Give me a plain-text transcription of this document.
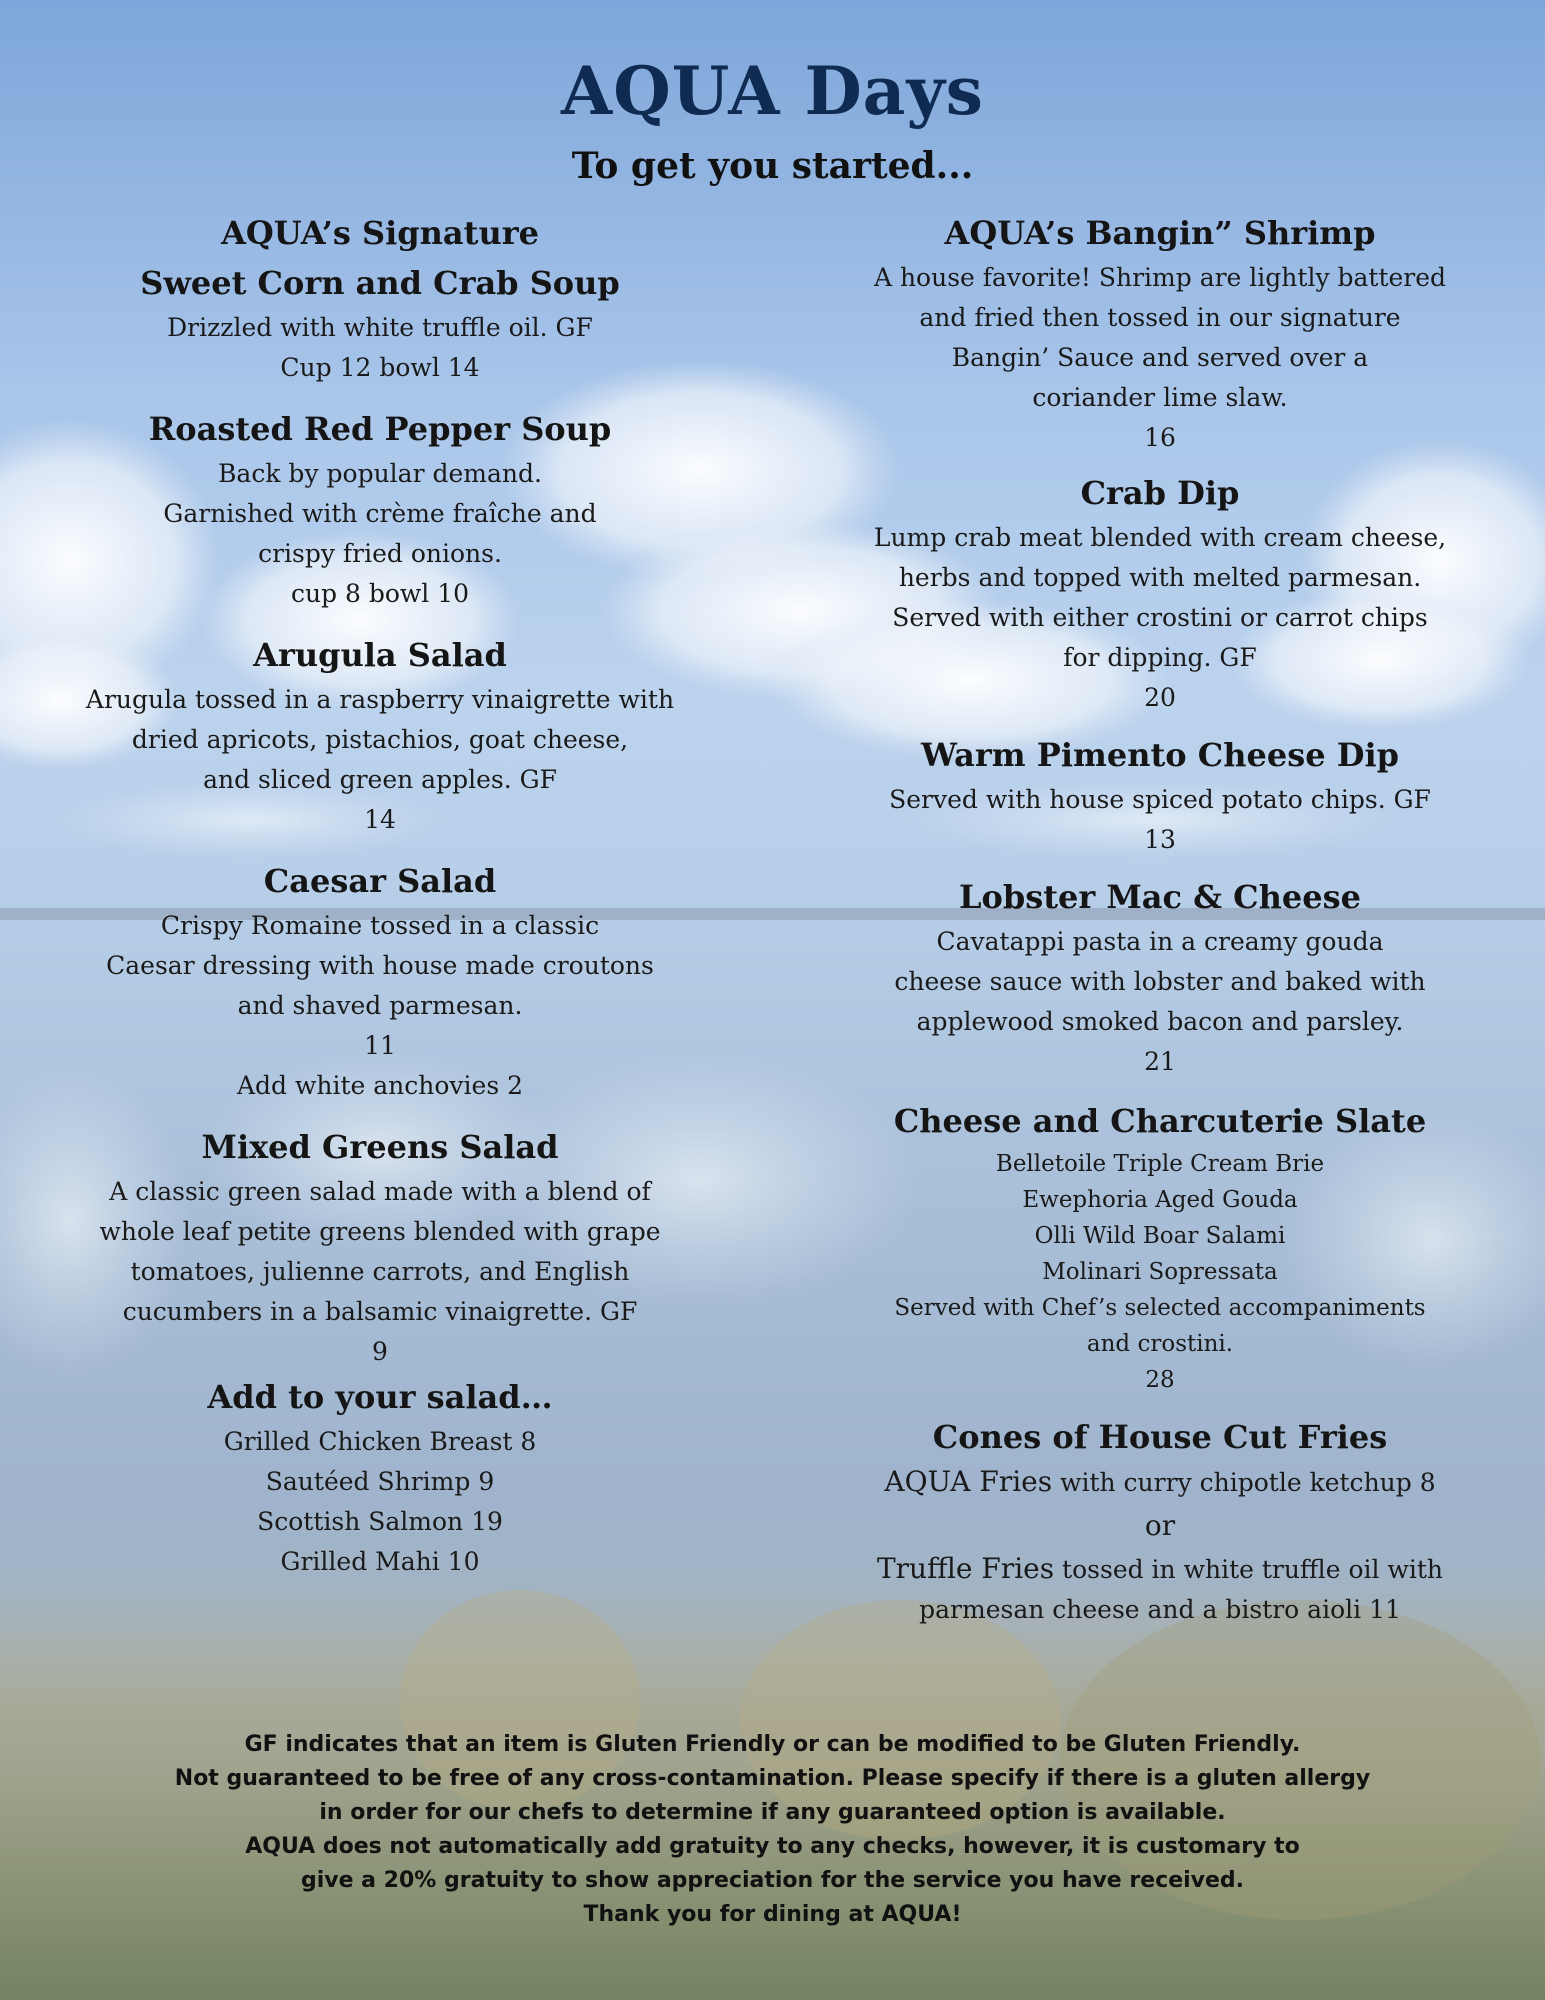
AQUA Days
To get you started...

AQUA’s Signature

Sweet Corn and Crab Soup

Drizzled with white truffle oil. GF

Cup 12 bowl 14

Roasted Red Pepper Soup

Back by popular demand.

Garnished with crème fraîche and

crispy fried onions.

cup 8 bowl 10

Arugula Salad

Arugula tossed in a raspberry vinaigrette with

dried apricots, pistachios, goat cheese,

and sliced green apples. GF

14

Caesar Salad

Crispy Romaine tossed in a classic

Caesar dressing with house made croutons

and shaved parmesan.

11

Add white anchovies 2

Mixed Greens Salad

A classic green salad made with a blend of

whole leaf petite greens blended with grape

tomatoes, julienne carrots, and English

cucumbers in a balsamic vinaigrette. GF

9

Add to your salad…

Grilled Chicken Breast 8

Sautéed Shrimp 9

Scottish Salmon 19

Grilled Mahi 10

AQUA’s Bangin” Shrimp

A house favorite! Shrimp are lightly battered

and fried then tossed in our signature

Bangin’ Sauce and served over a

coriander lime slaw.

16

Crab Dip

Lump crab meat blended with cream cheese,

herbs and topped with melted parmesan.

Served with either crostini or carrot chips

for dipping. GF

20

Warm Pimento Cheese Dip

Served with house spiced potato chips. GF

13

Lobster Mac & Cheese

Cavatappi pasta in a creamy gouda

cheese sauce with lobster and baked with

applewood smoked bacon and parsley.

21

Cheese and Charcuterie Slate

Belletoile Triple Cream Brie

Ewephoria Aged Gouda

Olli Wild Boar Salami

Molinari Sopressata

Served with Chef’s selected accompaniments

and crostini.

28

Cones of House Cut Fries

AQUA Fries with curry chipotle ketchup 8

or

Truffle Fries tossed in white truffle oil with

parmesan cheese and a bistro aioli 11

GF indicates that an item is Gluten Friendly or can be modified to be Gluten Friendly.

Not guaranteed to be free of any cross-contamination. Please specify if there is a gluten allergy

in order for our chefs to determine if any guaranteed option is available.

AQUA does not automatically add gratuity to any checks, however, it is customary to

give a 20% gratuity to show appreciation for the service you have received.

Thank you for dining at AQUA!
